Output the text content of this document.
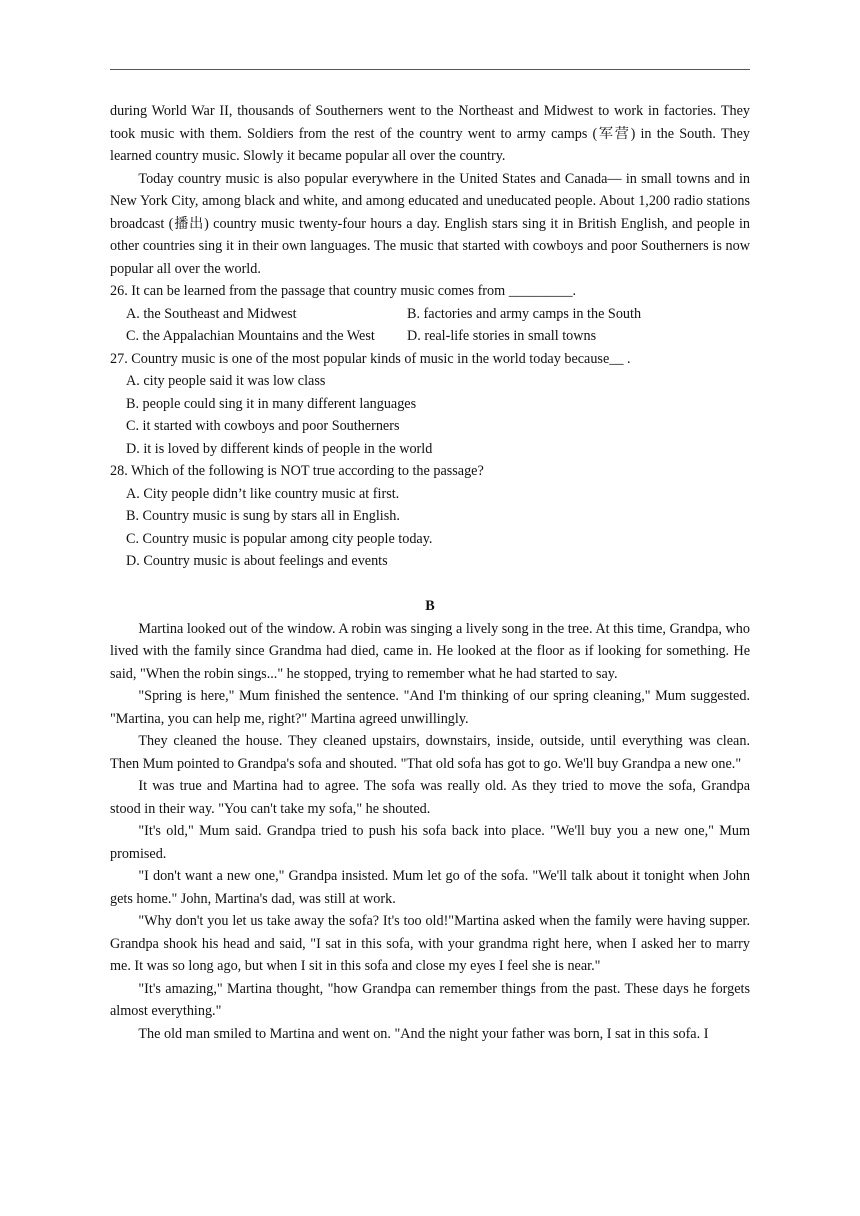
during World War II, thousands of Southerners went to the Northeast and Midwest to work in factories. They took music with them. Soldiers from the rest of the country went to army camps (军营) in the South. They learned country music. Slowly it became popular all over the country.

Today country music is also popular everywhere in the United States and Canada— in small towns and in New York City, among black and white, and among educated and uneducated people. About 1,200 radio stations broadcast (播出) country music twenty-four hours a day. English stars sing it in British English, and people in other countries sing it in their own languages. The music that started with cowboys and poor Southerners is now popular all over the world.

26. It can be learned from the passage that country music comes from _________.

A. the Southeast and Midwest	B. factories and army camps in the South
C. the Appalachian Mountains and the West	D. real-life stories in small towns

27. Country music is one of the most popular kinds of music in the world today because__ .

A. city people said it was low class

B. people could sing it in many different languages

C. it started with cowboys and poor Southerners

D. it is loved by different kinds of people in the world

28. Which of the following is NOT true according to the passage?

A. City people didn’t like country music at first.

B. Country music is sung by stars all in English.

C. Country music is popular among city people today.

D. Country music is about feelings and events

B

Martina looked out of the window. A robin was singing a lively song in the tree. At this time, Grandpa, who lived with the family since Grandma had died, came in. He looked at the floor as if looking for something. He said, "When the robin sings..." he stopped, trying to remember what he had started to say.

"Spring is here," Mum finished the sentence. "And I'm thinking of our spring cleaning," Mum suggested. "Martina, you can help me, right?" Martina agreed unwillingly.

They cleaned the house. They cleaned upstairs, downstairs, inside, outside, until everything was clean. Then Mum pointed to Grandpa's sofa and shouted. "That old sofa has got to go. We'll buy Grandpa a new one."

It was true and Martina had to agree. The sofa was really old. As they tried to move the sofa, Grandpa stood in their way. "You can't take my sofa," he shouted.

"It's old," Mum said. Grandpa tried to push his sofa back into place. "We'll buy you a new one," Mum promised.

"I don't want a new one," Grandpa insisted. Mum let go of the sofa. "We'll talk about it tonight when John gets home." John, Martina's dad, was still at work.

"Why don't you let us take away the sofa? It's too old!"Martina asked when the family were having supper. Grandpa shook his head and said, "I sat in this sofa, with your grandma right here, when I asked her to marry me. It was so long ago, but when I sit in this sofa and close my eyes I feel she is near."

"It's amazing," Martina thought, "how Grandpa can remember things from the past. These days he forgets almost everything."

The old man smiled to Martina and went on. "And the night your father was born, I sat in this sofa. I
